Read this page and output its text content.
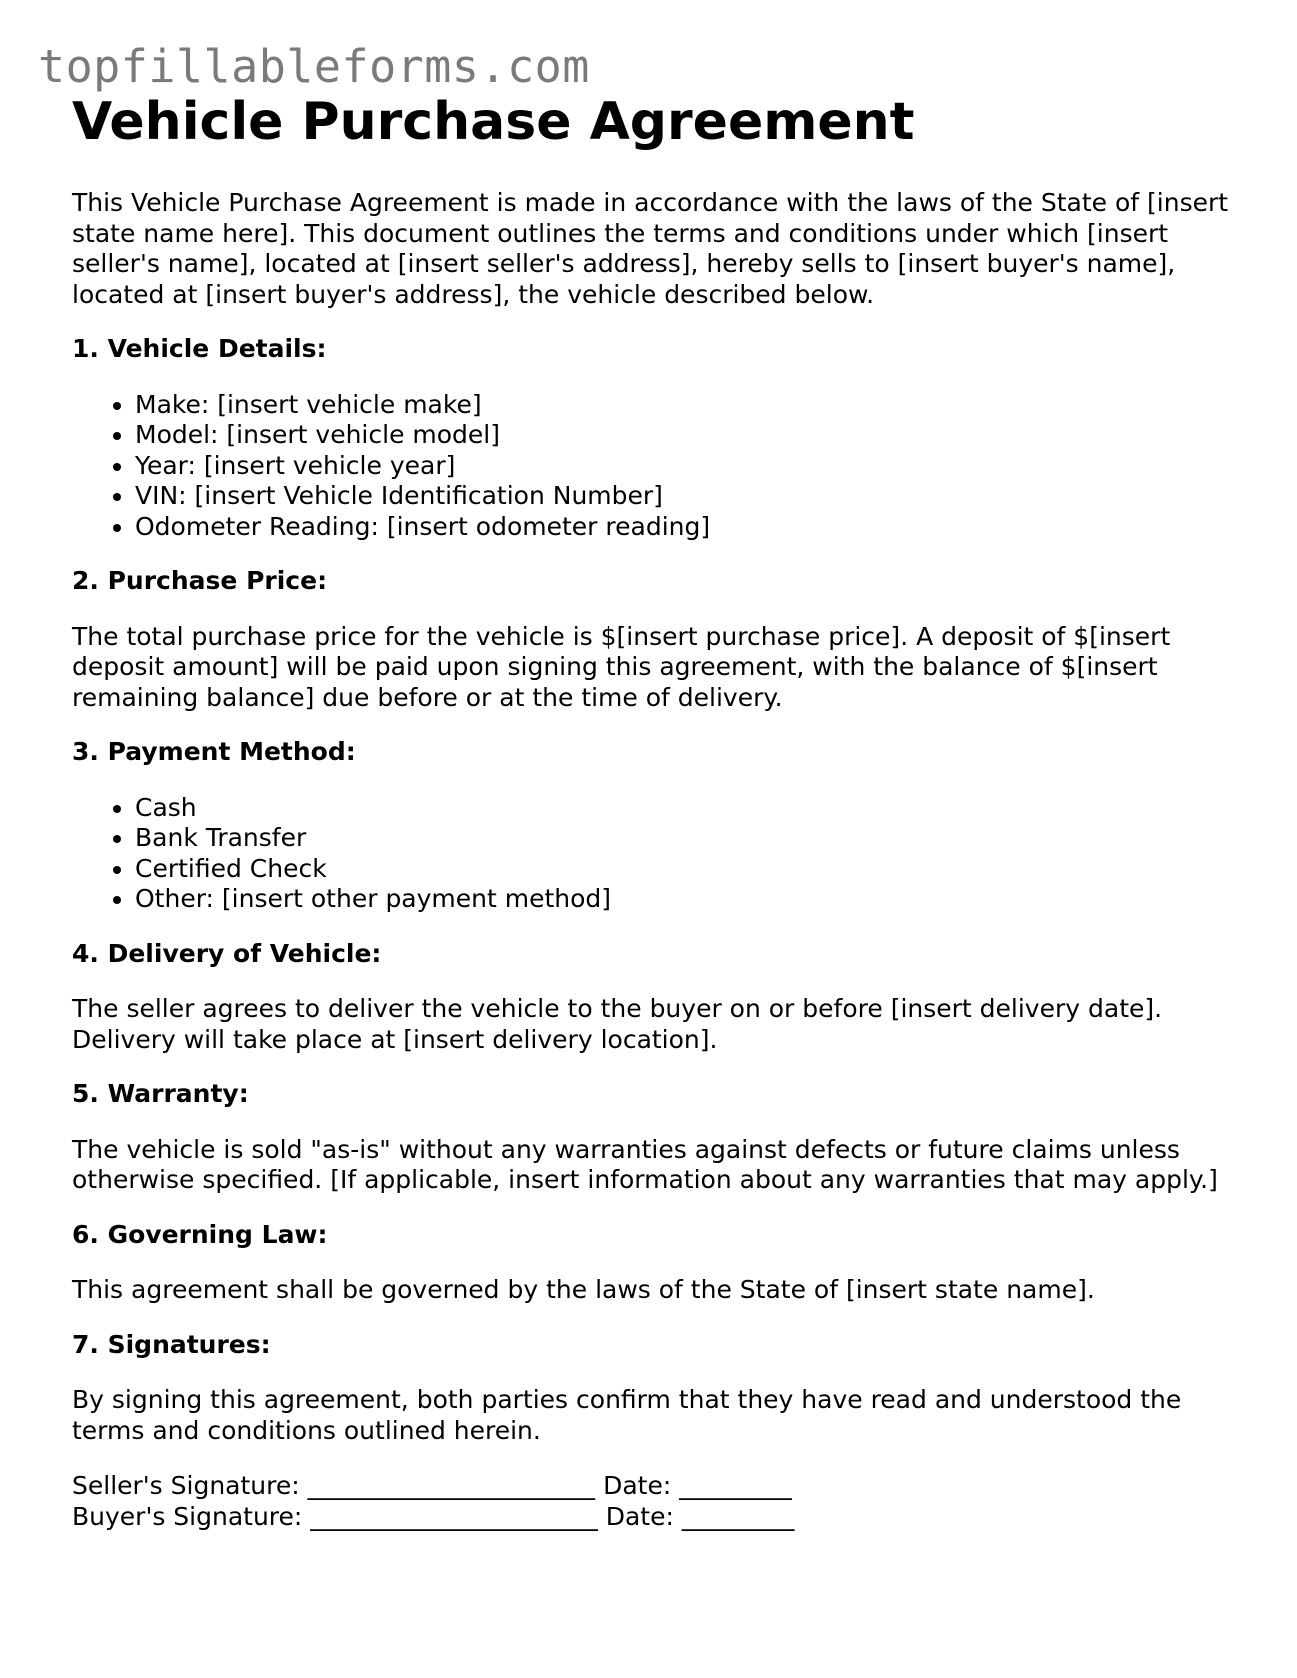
topfillableforms.com
Vehicle Purchase Agreement

This Vehicle Purchase Agreement is made in accordance with the laws of the State of [insert state name here]. This document outlines the terms and conditions under which [insert seller's name], located at [insert seller's address], hereby sells to [insert buyer's name], located at [insert buyer's address], the vehicle described below.

1. Vehicle Details:
• Make: [insert vehicle make]
• Model: [insert vehicle model]
• Year: [insert vehicle year]
• VIN: [insert Vehicle Identification Number]
• Odometer Reading: [insert odometer reading]
2. Purchase Price:

The total purchase price for the vehicle is $[insert purchase price]. A deposit of $[insert deposit amount] will be paid upon signing this agreement, with the balance of $[insert remaining balance] due before or at the time of delivery.

3. Payment Method:
• Cash
• Bank Transfer
• Certified Check
• Other: [insert other payment method]
4. Delivery of Vehicle:

The seller agrees to deliver the vehicle to the buyer on or before [insert delivery date]. Delivery will take place at [insert delivery location].

5. Warranty:

The vehicle is sold "as-is" without any warranties against defects or future claims unless otherwise specified. [If applicable, insert information about any warranties that may apply.]

6. Governing Law:

This agreement shall be governed by the laws of the State of [insert state name].

7. Signatures:

By signing this agreement, both parties confirm that they have read and understood the terms and conditions outlined herein.

Seller's Signature: _______________________ Date: _________
Buyer's Signature: _______________________ Date: _________
